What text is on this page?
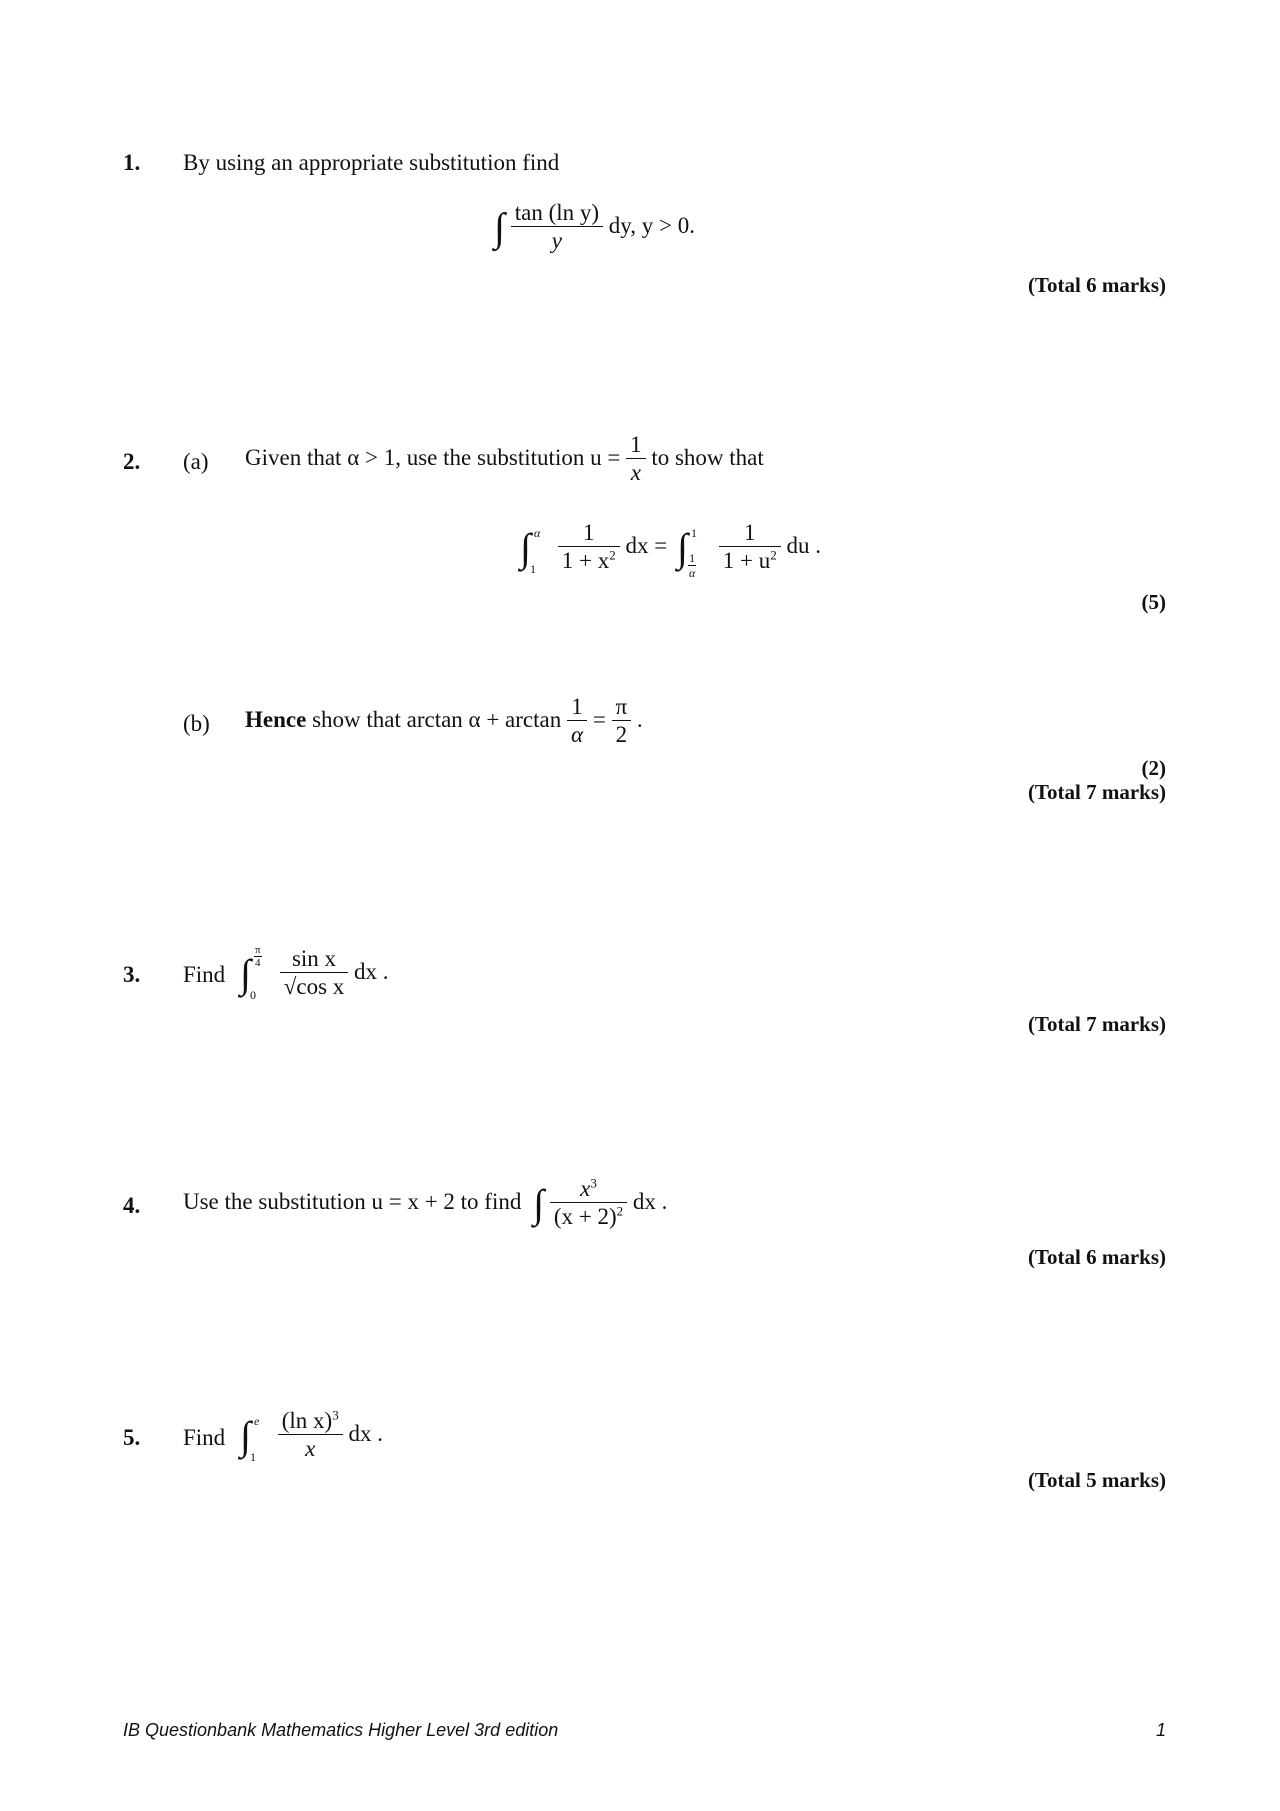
1. By using an appropriate substitution find
∫ $\frac{\text{tan (ln y)}}{y}$ dy, y > 0.
(Total 6 marks)
2. (a) Given that α > 1, use the substitution $u = \frac{1}{x}$ to show that
∫ α
1
$\frac{1}{1 + x^2}$ dx = ∫ 1
$\frac{1}{\alpha}$
$\frac{1}{1 + u^2}$ du .
(5)
(b) Hence show that $\arctan \alpha + \arctan \frac{1}{\alpha} = \frac{\pi}{2}$ .
(2)
(Total 7 marks)
3. Find ∫ $\frac{\pi}{4}$
0
$\frac{\text{sin x}}{\text{√cos x}}$ dx .
(Total 7 marks)
4. Use the substitution u = x + 2 to find ∫ $\frac{x^3}{(x + 2)^2}$ dx .
(Total 6 marks)
5. Find ∫ e
1
$\frac{(\ln x)^3}{x}$ dx .
(Total 5 marks)
IB Questionbank Mathematics Higher Level 3rd edition	1
